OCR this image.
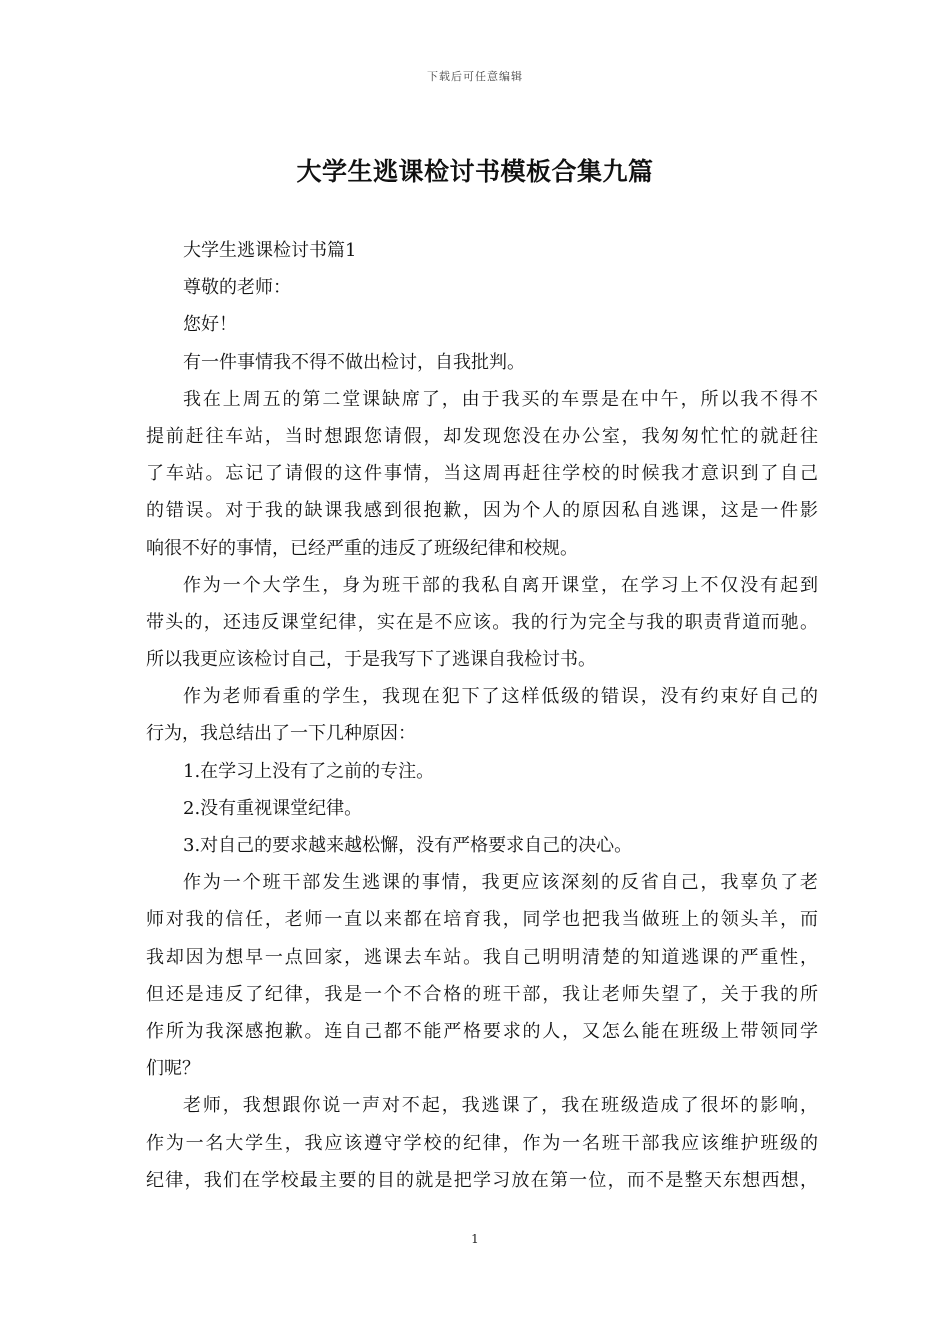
下载后可任意编辑
大学生逃课检讨书模板合集九篇
大学生逃课检讨书篇1
尊敬的老师：
您好！
有一件事情我不得不做出检讨，自我批判。
我在上周五的第二堂课缺席了，由于我买的车票是在中午，所以我不得不
提前赶往车站，当时想跟您请假，却发现您没在办公室，我匆匆忙忙的就赶往
了车站。忘记了请假的这件事情，当这周再赶往学校的时候我才意识到了自己
的错误。对于我的缺课我感到很抱歉，因为个人的原因私自逃课，这是一件影
响很不好的事情，已经严重的违反了班级纪律和校规。
作为一个大学生，身为班干部的我私自离开课堂，在学习上不仅没有起到
带头的，还违反课堂纪律，实在是不应该。我的行为完全与我的职责背道而驰。
所以我更应该检讨自己，于是我写下了逃课自我检讨书。
作为老师看重的学生，我现在犯下了这样低级的错误，没有约束好自己的
行为，我总结出了一下几种原因：
1.在学习上没有了之前的专注。
2.没有重视课堂纪律。
3.对自己的要求越来越松懈，没有严格要求自己的决心。
作为一个班干部发生逃课的事情，我更应该深刻的反省自己，我辜负了老
师对我的信任，老师一直以来都在培育我，同学也把我当做班上的领头羊，而
我却因为想早一点回家，逃课去车站。我自己明明清楚的知道逃课的严重性，
但还是违反了纪律，我是一个不合格的班干部，我让老师失望了，关于我的所
作所为我深感抱歉。连自己都不能严格要求的人，又怎么能在班级上带领同学
们呢？
老师，我想跟你说一声对不起，我逃课了，我在班级造成了很坏的影响，
作为一名大学生，我应该遵守学校的纪律，作为一名班干部我应该维护班级的
纪律，我们在学校最主要的目的就是把学习放在第一位，而不是整天东想西想，
1
